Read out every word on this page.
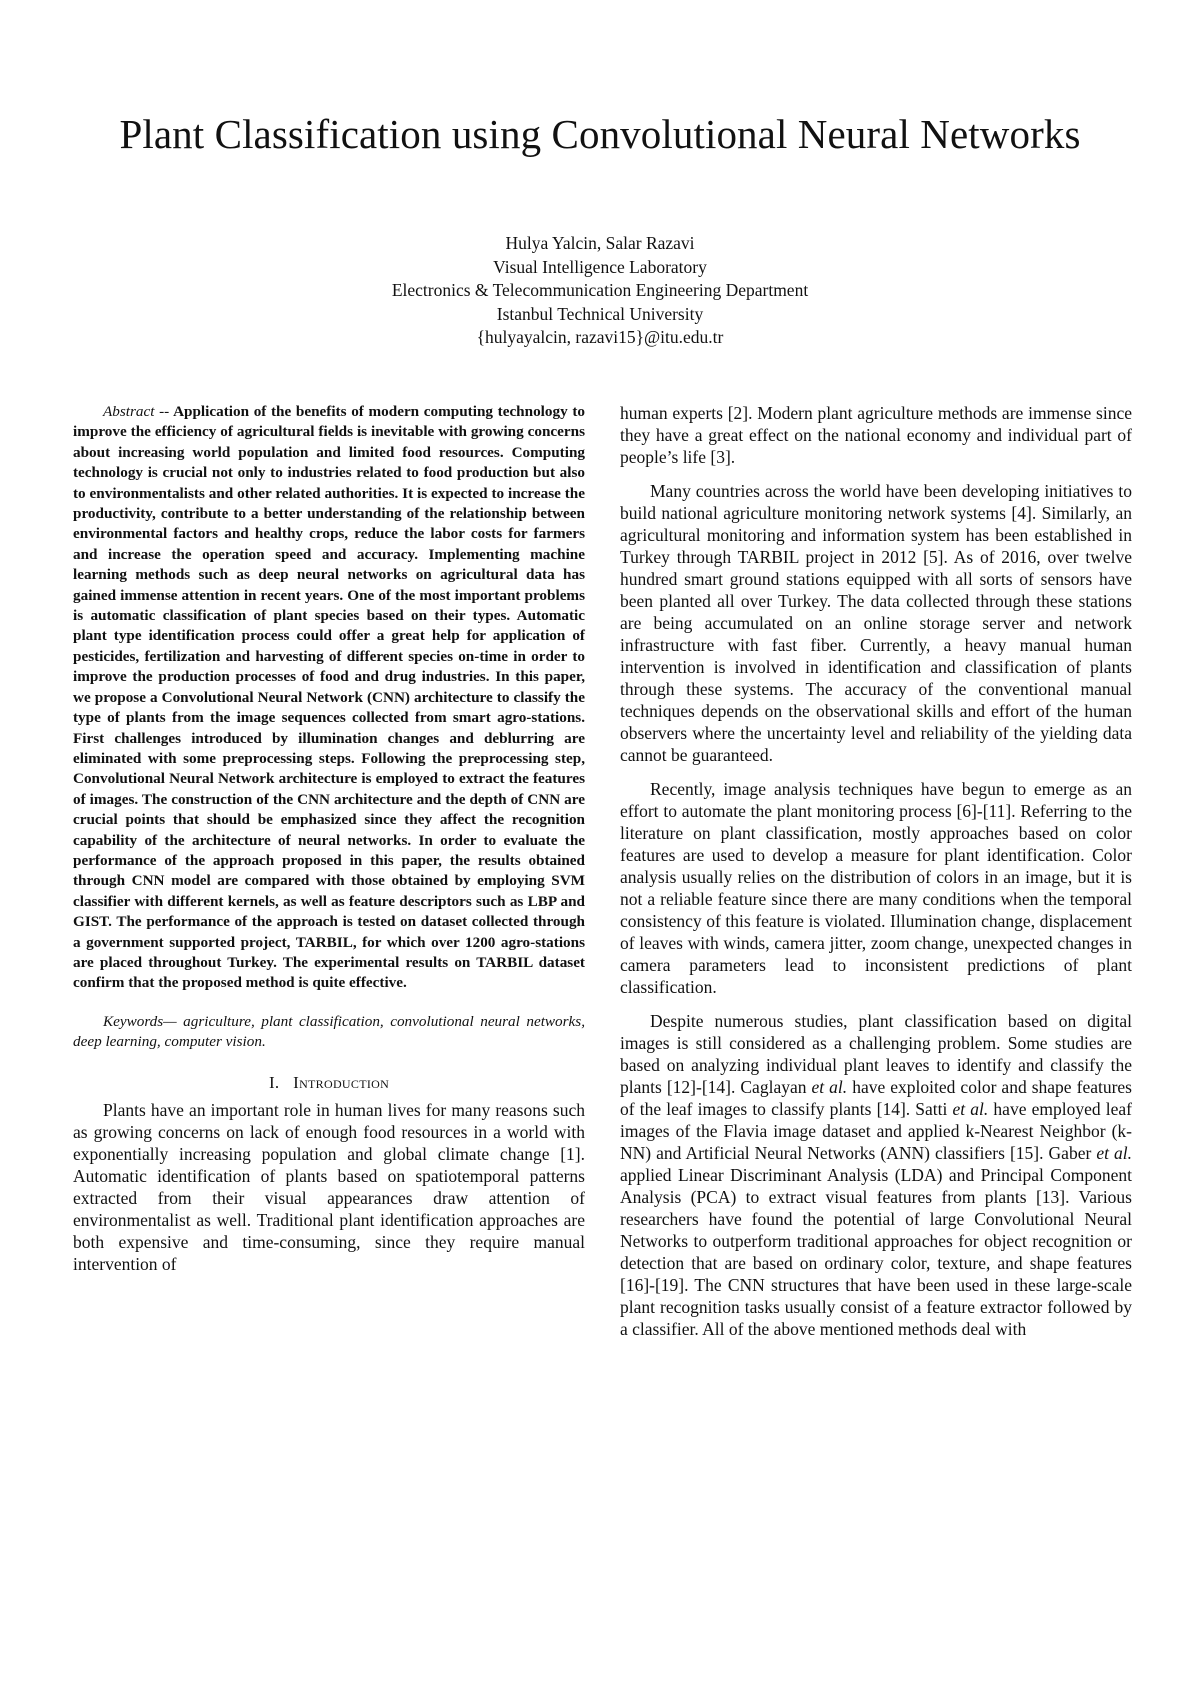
Plant Classification using Convolutional Neural Networks
Hulya Yalcin, Salar Razavi
Visual Intelligence Laboratory
Electronics & Telecommunication Engineering Department
Istanbul Technical University
{hulyayalcin, razavi15}@itu.edu.tr

Abstract -- Application of the benefits of modern computing technology to improve the efficiency of agricultural fields is inevitable with growing concerns about increasing world population and limited food resources. Computing technology is crucial not only to industries related to food production but also to environmentalists and other related authorities. It is expected to increase the productivity, contribute to a better understanding of the relationship between environmental factors and healthy crops, reduce the labor costs for farmers and increase the operation speed and accuracy. Implementing machine learning methods such as deep neural networks on agricultural data has gained immense attention in recent years. One of the most important problems is automatic classification of plant species based on their types. Automatic plant type identification process could offer a great help for application of pesticides, fertilization and harvesting of different species on-time in order to improve the production processes of food and drug industries. In this paper, we propose a Convolutional Neural Network (CNN) architecture to classify the type of plants from the image sequences collected from smart agro-stations. First challenges introduced by illumination changes and deblurring are eliminated with some preprocessing steps. Following the preprocessing step, Convolutional Neural Network architecture is employed to extract the features of images. The construction of the CNN architecture and the depth of CNN are crucial points that should be emphasized since they affect the recognition capability of the architecture of neural networks. In order to evaluate the performance of the approach proposed in this paper, the results obtained through CNN model are compared with those obtained by employing SVM classifier with different kernels, as well as feature descriptors such as LBP and GIST. The performance of the approach is tested on dataset collected through a government supported project, TARBIL, for which over 1200 agro-stations are placed throughout Turkey. The experimental results on TARBIL dataset confirm that the proposed method is quite effective.

Keywords— agriculture, plant classification, convolutional neural networks, deep learning, computer vision.

I. Introduction

Plants have an important role in human lives for many reasons such as growing concerns on lack of enough food resources in a world with exponentially increasing population and global climate change [1]. Automatic identification of plants based on spatiotemporal patterns extracted from their visual appearances draw attention of environmentalist as well. Traditional plant identification approaches are both expensive and time-consuming, since they require manual intervention of

human experts [2]. Modern plant agriculture methods are immense since they have a great effect on the national economy and individual part of people’s life [3].

Many countries across the world have been developing initiatives to build national agriculture monitoring network systems [4]. Similarly, an agricultural monitoring and information system has been established in Turkey through TARBIL project in 2012 [5]. As of 2016, over twelve hundred smart ground stations equipped with all sorts of sensors have been planted all over Turkey. The data collected through these stations are being accumulated on an online storage server and network infrastructure with fast fiber. Currently, a heavy manual human intervention is involved in identification and classification of plants through these systems. The accuracy of the conventional manual techniques depends on the observational skills and effort of the human observers where the uncertainty level and reliability of the yielding data cannot be guaranteed.

Recently, image analysis techniques have begun to emerge as an effort to automate the plant monitoring process [6]-[11]. Referring to the literature on plant classification, mostly approaches based on color features are used to develop a measure for plant identification. Color analysis usually relies on the distribution of colors in an image, but it is not a reliable feature since there are many conditions when the temporal consistency of this feature is violated. Illumination change, displacement of leaves with winds, camera jitter, zoom change, unexpected changes in camera parameters lead to inconsistent predictions of plant classification.

Despite numerous studies, plant classification based on digital images is still considered as a challenging problem. Some studies are based on analyzing individual plant leaves to identify and classify the plants [12]-[14]. Caglayan et al. have exploited color and shape features of the leaf images to classify plants [14]. Satti et al. have employed leaf images of the Flavia image dataset and applied k-Nearest Neighbor (k-NN) and Artificial Neural Networks (ANN) classifiers [15]. Gaber et al. applied Linear Discriminant Analysis (LDA) and Principal Component Analysis (PCA) to extract visual features from plants [13]. Various researchers have found the potential of large Convolutional Neural Networks to outperform traditional approaches for object recognition or detection that are based on ordinary color, texture, and shape features [16]-[19]. The CNN structures that have been used in these large-scale plant recognition tasks usually consist of a feature extractor followed by a classifier. All of the above mentioned methods deal with
